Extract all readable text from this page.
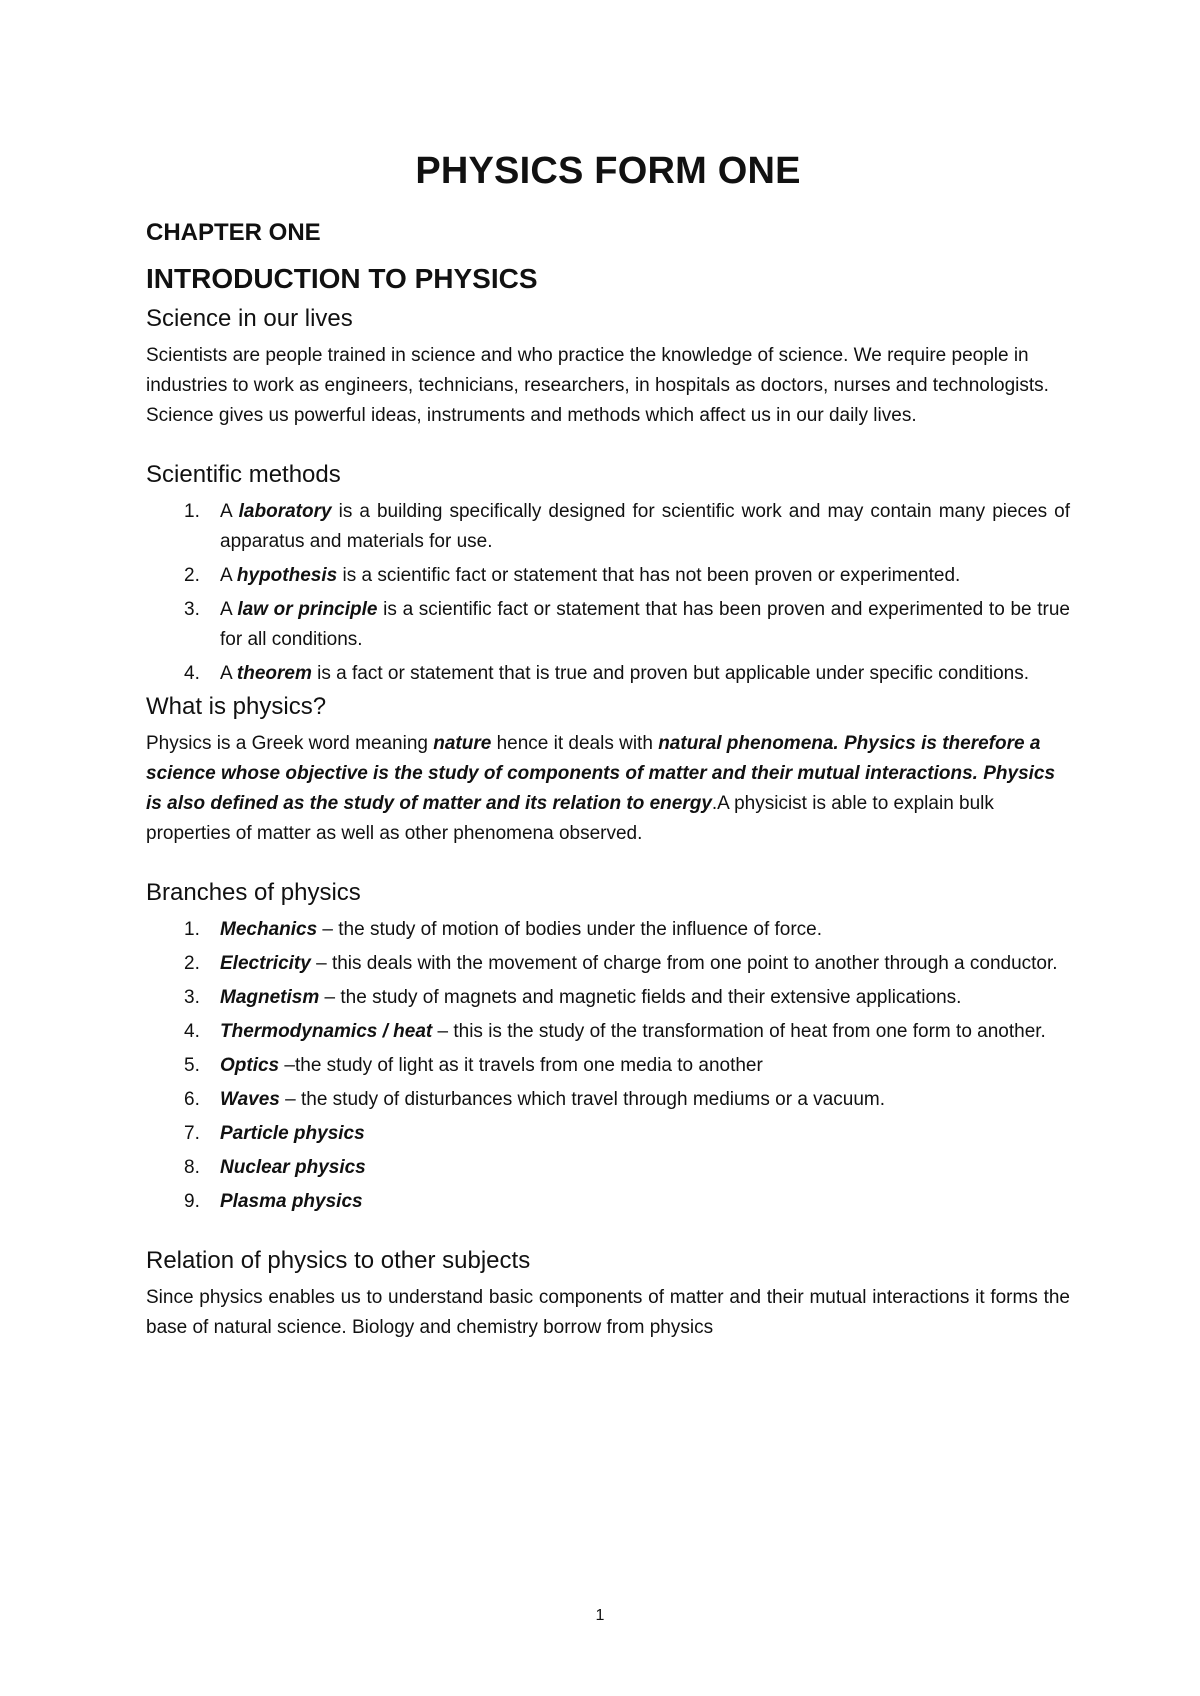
PHYSICS FORM ONE
CHAPTER ONE
INTRODUCTION TO PHYSICS
Science in our lives

Scientists are people trained in science and who practice the knowledge of science. We require people in industries to work as engineers, technicians, researchers, in hospitals as doctors, nurses and technologists. Science gives us powerful ideas, instruments and methods which affect us in our daily lives.

Scientific methods
1. A laboratory is a building specifically designed for scientific work and may contain many pieces of apparatus and materials for use.
2. A hypothesis is a scientific fact or statement that has not been proven or experimented.
3. A law or principle is a scientific fact or statement that has been proven and experimented to be true for all conditions.
4. A theorem is a fact or statement that is true and proven but applicable under specific conditions.
What is physics?

Physics is a Greek word meaning nature hence it deals with natural phenomena. Physics is therefore a science whose objective is the study of components of matter and their mutual interactions. Physics is also defined as the study of matter and its relation to energy.A physicist is able to explain bulk properties of matter as well as other phenomena observed.

Branches of physics
1. Mechanics – the study of motion of bodies under the influence of force.
2. Electricity – this deals with the movement of charge from one point to another through a conductor.
3. Magnetism – the study of magnets and magnetic fields and their extensive applications.
4. Thermodynamics / heat – this is the study of the transformation of heat from one form to another.
5. Optics –the study of light as it travels from one media to another
6. Waves – the study of disturbances which travel through mediums or a vacuum.
7. Particle physics
8. Nuclear physics
9. Plasma physics
Relation of physics to other subjects

Since physics enables us to understand basic components of matter and their mutual interactions it forms the base of natural science. Biology and chemistry borrow from physics

1
